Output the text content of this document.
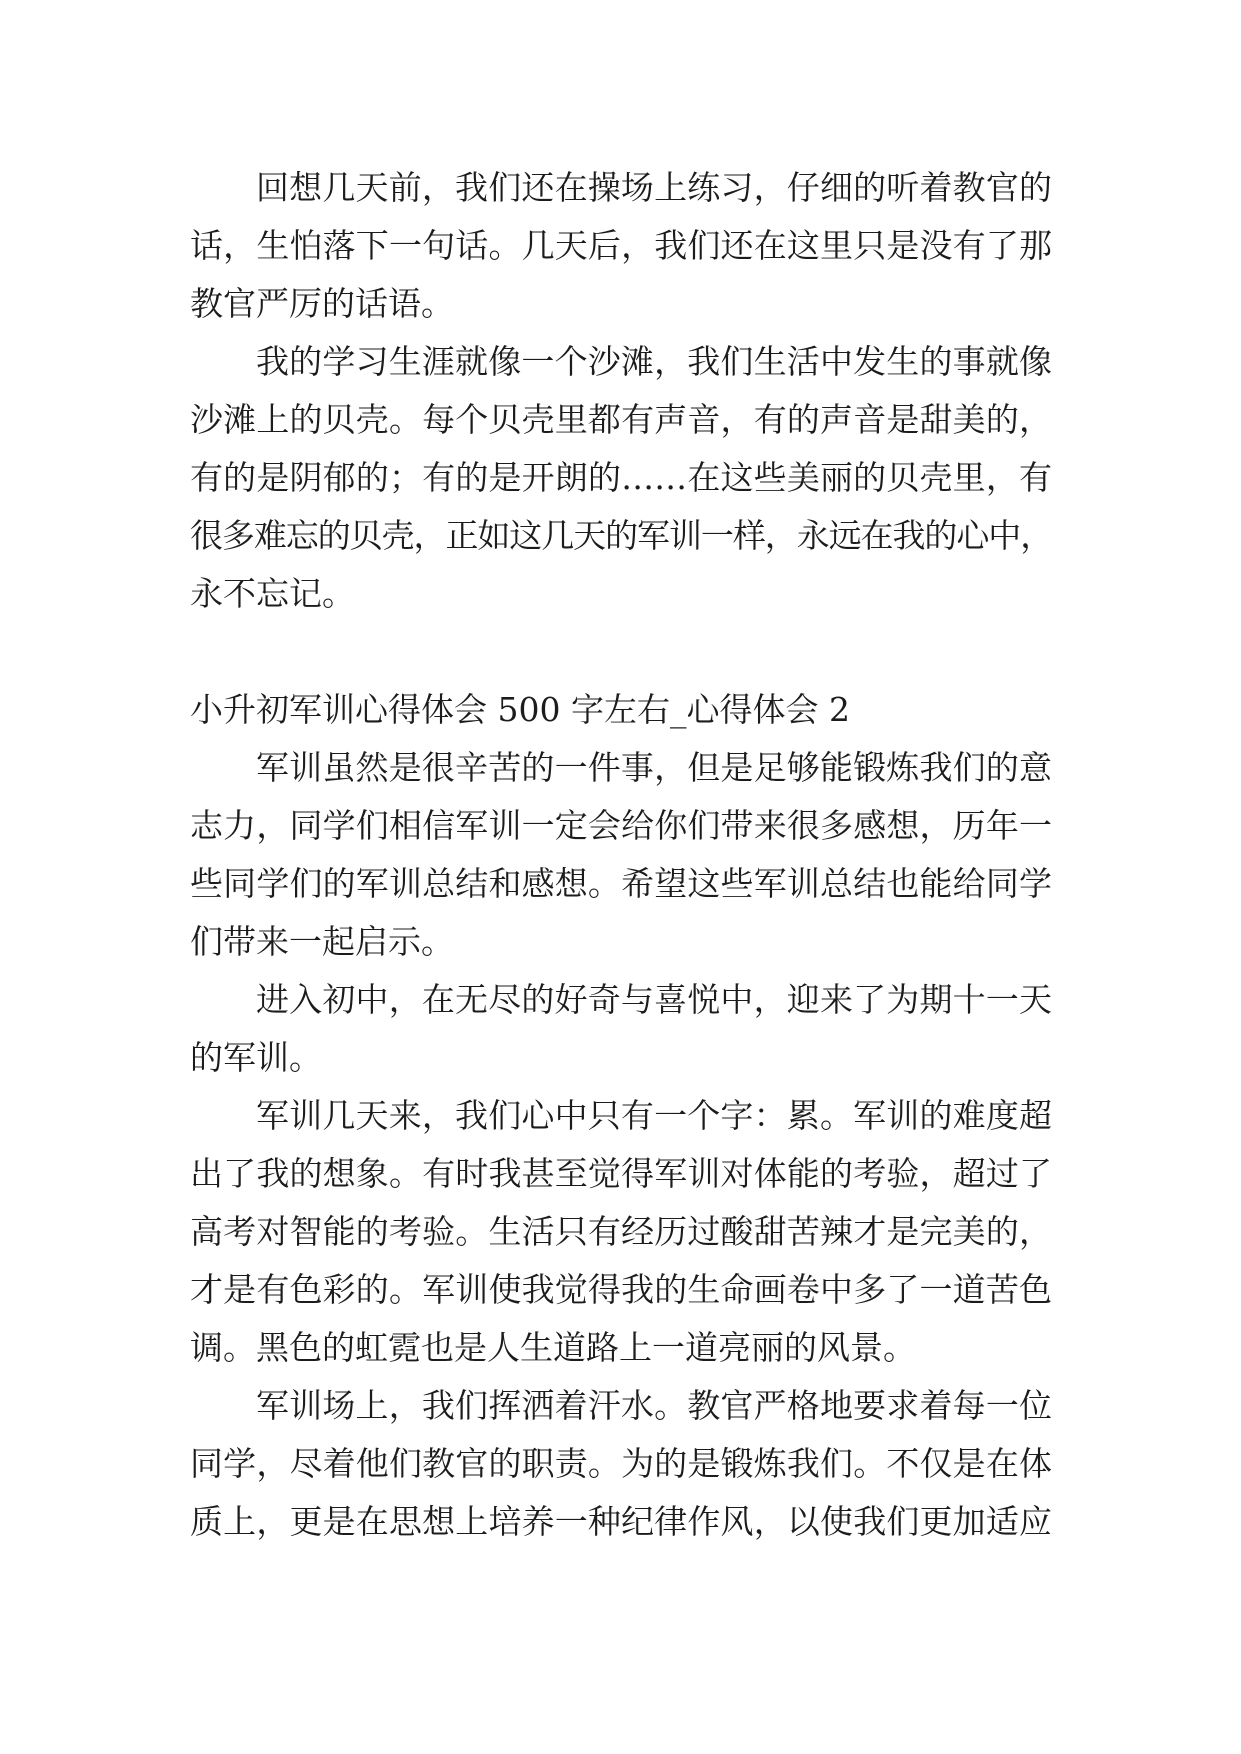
回想几天前，我们还在操场上练习，仔细的听着教官的
话，生怕落下一句话。几天后，我们还在这里只是没有了那
教官严厉的话语。
我的学习生涯就像一个沙滩，我们生活中发生的事就像
沙滩上的贝壳。每个贝壳里都有声音，有的声音是甜美的，
有的是阴郁的；有的是开朗的……在这些美丽的贝壳里，有
很多难忘的贝壳，正如这几天的军训一样，永远在我的心中，
永不忘记。
小升初军训心得体会 500 字左右_心得体会 2
军训虽然是很辛苦的一件事，但是足够能锻炼我们的意
志力，同学们相信军训一定会给你们带来很多感想，历年一
些同学们的军训总结和感想。希望这些军训总结也能给同学
们带来一起启示。
进入初中，在无尽的好奇与喜悦中，迎来了为期十一天
的军训。
军训几天来，我们心中只有一个字：累。军训的难度超
出了我的想象。有时我甚至觉得军训对体能的考验，超过了
高考对智能的考验。生活只有经历过酸甜苦辣才是完美的，
才是有色彩的。军训使我觉得我的生命画卷中多了一道苦色
调。黑色的虹霓也是人生道路上一道亮丽的风景。
军训场上，我们挥洒着汗水。教官严格地要求着每一位
同学，尽着他们教官的职责。为的是锻炼我们。不仅是在体
质上，更是在思想上培养一种纪律作风，以使我们更加适应
